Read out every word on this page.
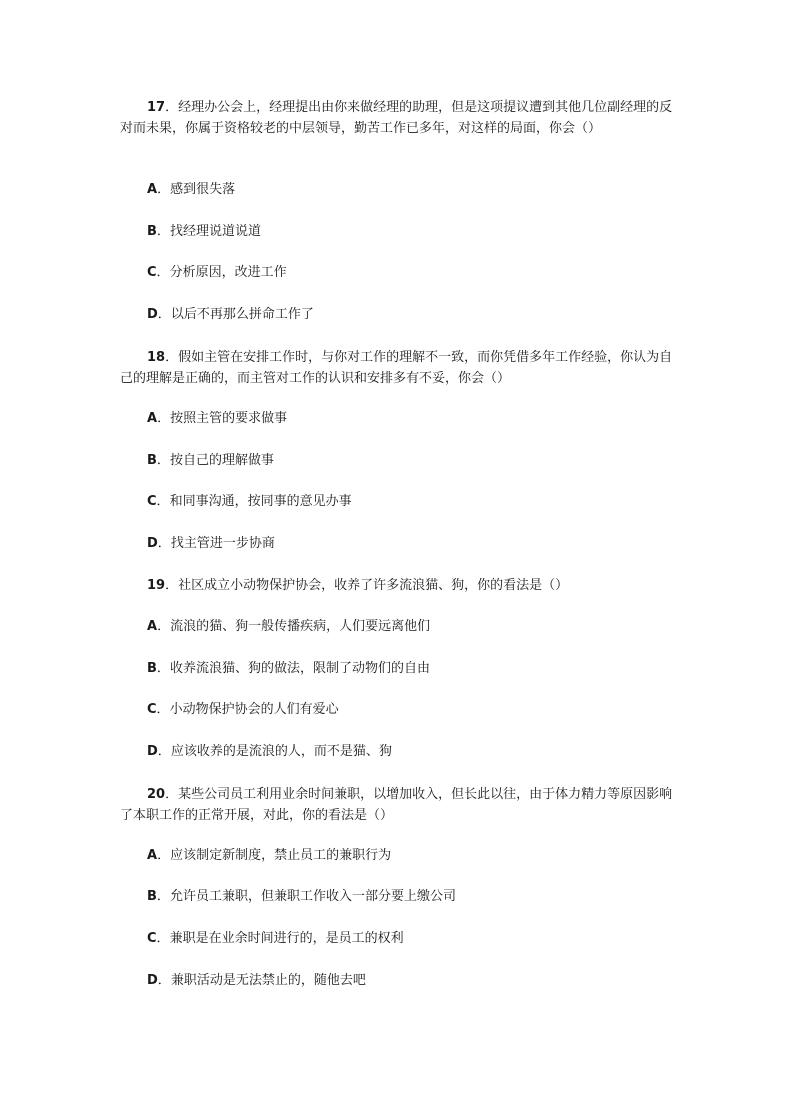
17．经理办公会上，经理提出由你来做经理的助理，但是这项提议遭到其他几位副经理的反对而未果，你属于资格较老的中层领导，勤苦工作已多年，对这样的局面，你会（）

A．感到很失落

B．找经理说道说道

C．分析原因，改进工作

D．以后不再那么拼命工作了

18．假如主管在安排工作时，与你对工作的理解不一致，而你凭借多年工作经验，你认为自己的理解是正确的，而主管对工作的认识和安排多有不妥，你会（）

A．按照主管的要求做事

B．按自己的理解做事

C．和同事沟通，按同事的意见办事

D．找主管进一步协商

19．社区成立小动物保护协会，收养了许多流浪猫、狗，你的看法是（）

A．流浪的猫、狗一般传播疾病，人们要远离他们

B．收养流浪猫、狗的做法，限制了动物们的自由

C．小动物保护协会的人们有爱心

D．应该收养的是流浪的人，而不是猫、狗

20．某些公司员工利用业余时间兼职，以增加收入，但长此以往，由于体力精力等原因影响了本职工作的正常开展，对此，你的看法是（）

A．应该制定新制度，禁止员工的兼职行为

B．允许员工兼职，但兼职工作收入一部分要上缴公司

C．兼职是在业余时间进行的，是员工的权利

D．兼职活动是无法禁止的，随他去吧
